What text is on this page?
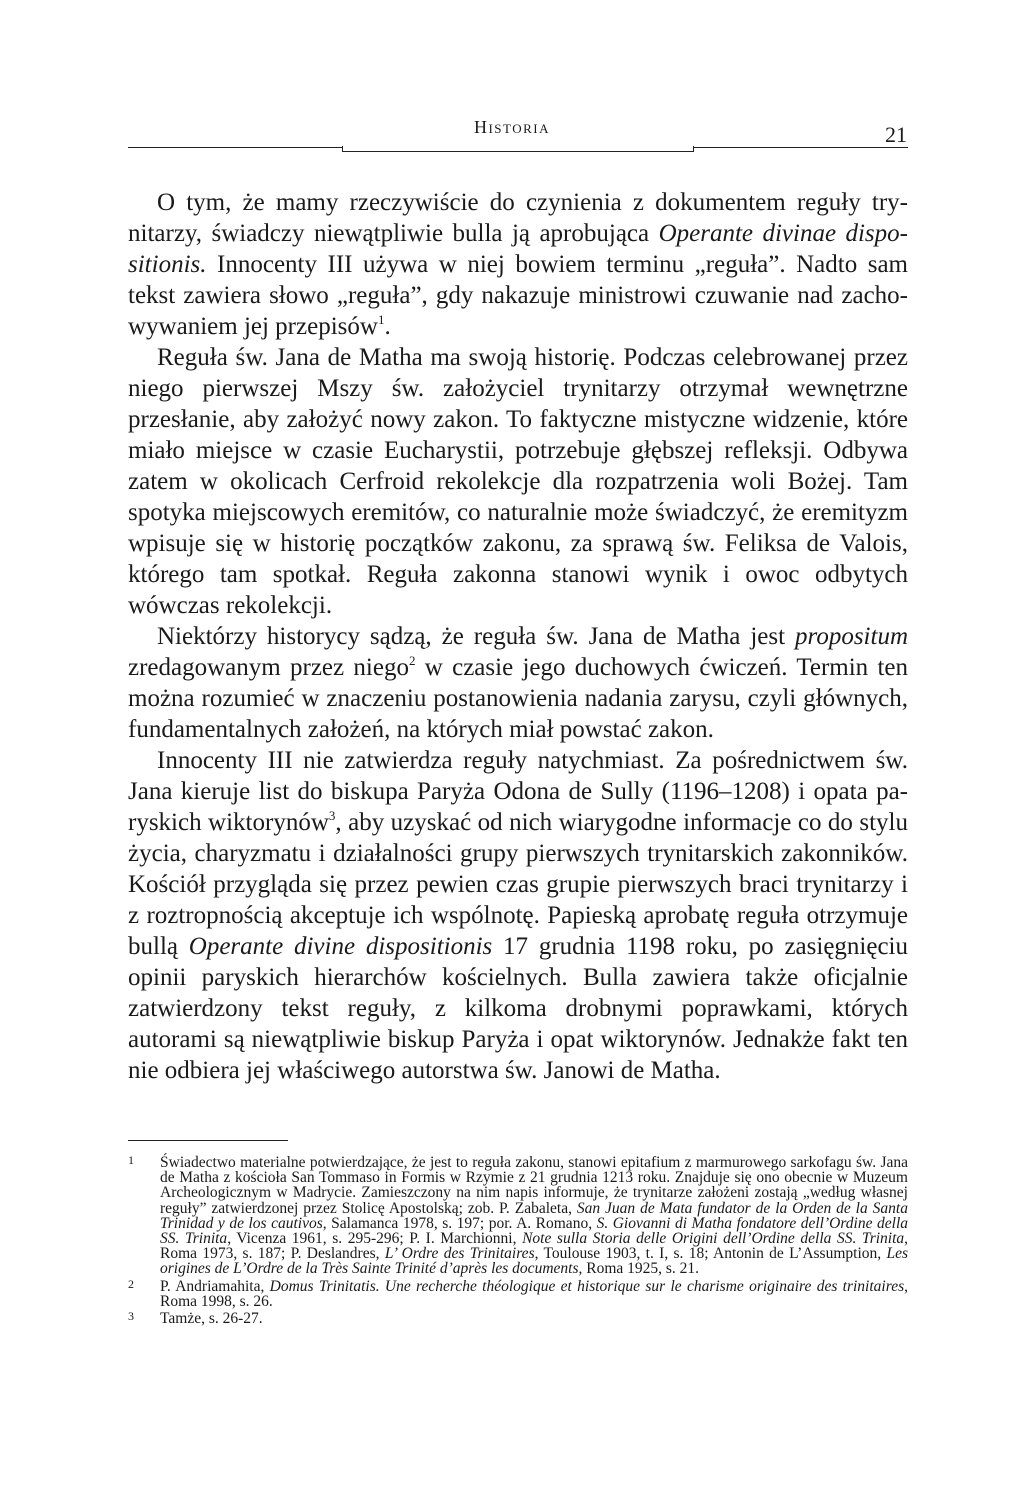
Historia	21

O tym, że mamy rzeczywiście do czynienia z dokumentem reguły trynitarzy, świadczy niewątpliwie bulla ją aprobująca Operante divinae dispositionis. Innocenty III używa w niej bowiem terminu „reguła”. Nadto sam tekst zawiera słowo „reguła”, gdy nakazuje ministrowi czuwanie nad zachowywaniem jej przepisów$^1$.

Reguła św. Jana de Matha ma swoją historię. Podczas celebrowanej przez niego pierwszej Mszy św. założyciel trynitarzy otrzymał wewnętrzne przesłanie, aby założyć nowy zakon. To faktyczne mistyczne widzenie, które miało miejsce w czasie Eucharystii, potrzebuje głębszej refleksji. Odbywa zatem w okolicach Cerfroid rekolekcje dla rozpatrzenia woli Bożej. Tam spotyka miejscowych eremitów, co naturalnie może świadczyć, że eremityzm wpisuje się w historię początków zakonu, za sprawą św. Feliksa de Valois, którego tam spotkał. Reguła zakonna stanowi wynik i owoc odbytych wówczas rekolekcji.

Niektórzy historycy sądzą, że reguła św. Jana de Matha jest propositum zredagowanym przez niego$^2$ w czasie jego duchowych ćwiczeń. Termin ten można rozumieć w znaczeniu postanowienia nadania zarysu, czyli głównych, fundamentalnych założeń, na których miał powstać zakon.

Innocenty III nie zatwierdza reguły natychmiast. Za pośrednictwem św. Jana kieruje list do biskupa Paryża Odona de Sully (1196–1208) i opata paryskich wiktorynów$^3$, aby uzyskać od nich wiarygodne informacje co do stylu życia, charyzmatu i działalności grupy pierwszych trynitarskich zakonników. Kościół przygląda się przez pewien czas grupie pierwszych braci trynitarzy i z roztropnością akceptuje ich wspólnotę. Papieską aprobatę reguła otrzymuje bullą Operante divine dispositionis 17 grudnia 1198 roku, po zasięgnięciu opinii paryskich hierarchów kościelnych. Bulla zawiera także oficjalnie zatwierdzony tekst reguły, z kilkoma drobnymi poprawkami, których autorami są niewątpliwie biskup Paryża i opat wiktorynów. Jednakże fakt ten nie odbiera jej właściwego autorstwa św. Janowi de Matha.

1 Świadectwo materialne potwierdzające, że jest to reguła zakonu, stanowi epitafium z marmurowego sarkofagu św. Jana de Matha z kościoła San Tommaso in Formis w Rzymie z 21 grudnia 1213 roku. Znajduje się ono obecnie w Muzeum Archeologicznym w Madrycie. Zamieszczony na nim napis informuje, że trynitarze założeni zostają „według własnej reguły” zatwierdzonej przez Stolicę Apostolską; zob. P. Zabaleta, San Juan de Mata fundator de la Orden de la Santa Trinidad y de los cautivos, Salamanca 1978, s. 197; por. A. Romano, S. Giovanni di Matha fondatore dell’Ordine della SS. Trinita, Vicenza 1961, s. 295-296; P. I. Marchionni, Note sulla Storia delle Origini dell’Ordine della SS. Trinita, Roma 1973, s. 187; P. Deslandres, L’ Ordre des Trinitaires, Toulouse 1903, t. I, s. 18; Antonin de L’Assumption, Les origines de L’Ordre de la Très Sainte Trinité d’après les documents, Roma 1925, s. 21.

2 P. Andriamahita, Domus Trinitatis. Une recherche théologique et historique sur le charisme originaire des trinitaires, Roma 1998, s. 26.

3 Tamże, s. 26-27.
